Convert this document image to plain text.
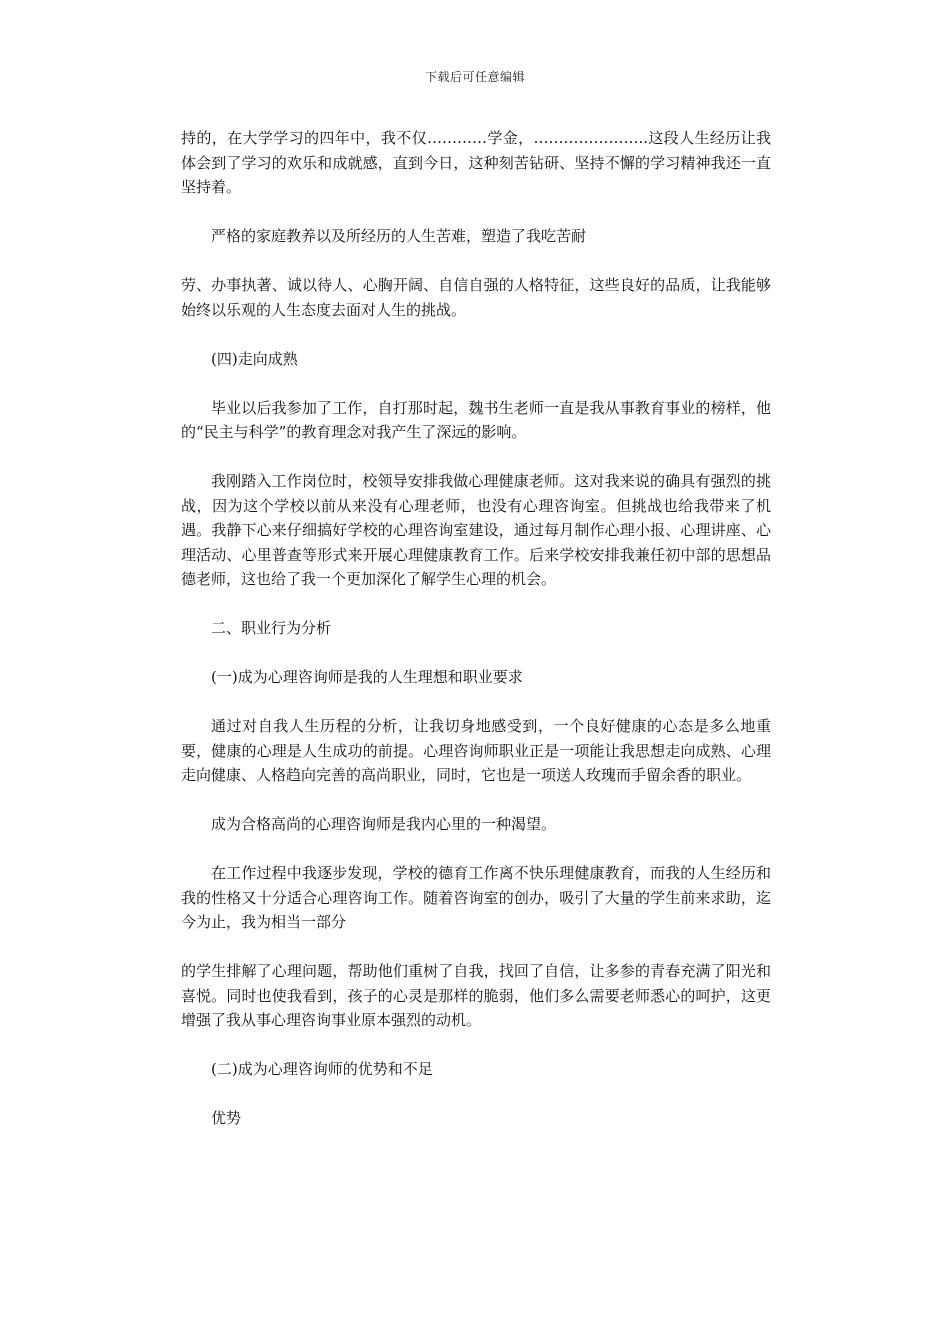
下载后可任意编辑

持的，在大学学习的四年中，我不仅…………学金，…………………..这段人生经历让我体会到了学习的欢乐和成就感，直到今日，这种刻苦钻研、坚持不懈的学习精神我还一直坚持着。

严格的家庭教养以及所经历的人生苦难，塑造了我吃苦耐

劳、办事执著、诚以待人、心胸开阔、自信自强的人格特征，这些良好的品质，让我能够始终以乐观的人生态度去面对人生的挑战。

(四)走向成熟

毕业以后我参加了工作，自打那时起，魏书生老师一直是我从事教育事业的榜样，他的“民主与科学”的教育理念对我产生了深远的影响。

我刚踏入工作岗位时，校领导安排我做心理健康老师。这对我来说的确具有强烈的挑战，因为这个学校以前从来没有心理老师，也没有心理咨询室。但挑战也给我带来了机遇。我静下心来仔细搞好学校的心理咨询室建设，通过每月制作心理小报、心理讲座、心理活动、心里普查等形式来开展心理健康教育工作。后来学校安排我兼任初中部的思想品德老师，这也给了我一个更加深化了解学生心理的机会。

二、职业行为分析

(一)成为心理咨询师是我的人生理想和职业要求

通过对自我人生历程的分析，让我切身地感受到，一个良好健康的心态是多么地重要，健康的心理是人生成功的前提。心理咨询师职业正是一项能让我思想走向成熟、心理走向健康、人格趋向完善的高尚职业，同时，它也是一项送人玫瑰而手留余香的职业。

成为合格高尚的心理咨询师是我内心里的一种渴望。

在工作过程中我逐步发现，学校的德育工作离不快乐理健康教育，而我的人生经历和我的性格又十分适合心理咨询工作。随着咨询室的创办，吸引了大量的学生前来求助，迄今为止，我为相当一部分

的学生排解了心理问题，帮助他们重树了自我，找回了自信，让多参的青春充满了阳光和喜悦。同时也使我看到，孩子的心灵是那样的脆弱，他们多么需要老师悉心的呵护，这更增强了我从事心理咨询事业原本强烈的动机。

(二)成为心理咨询师的优势和不足

优势
